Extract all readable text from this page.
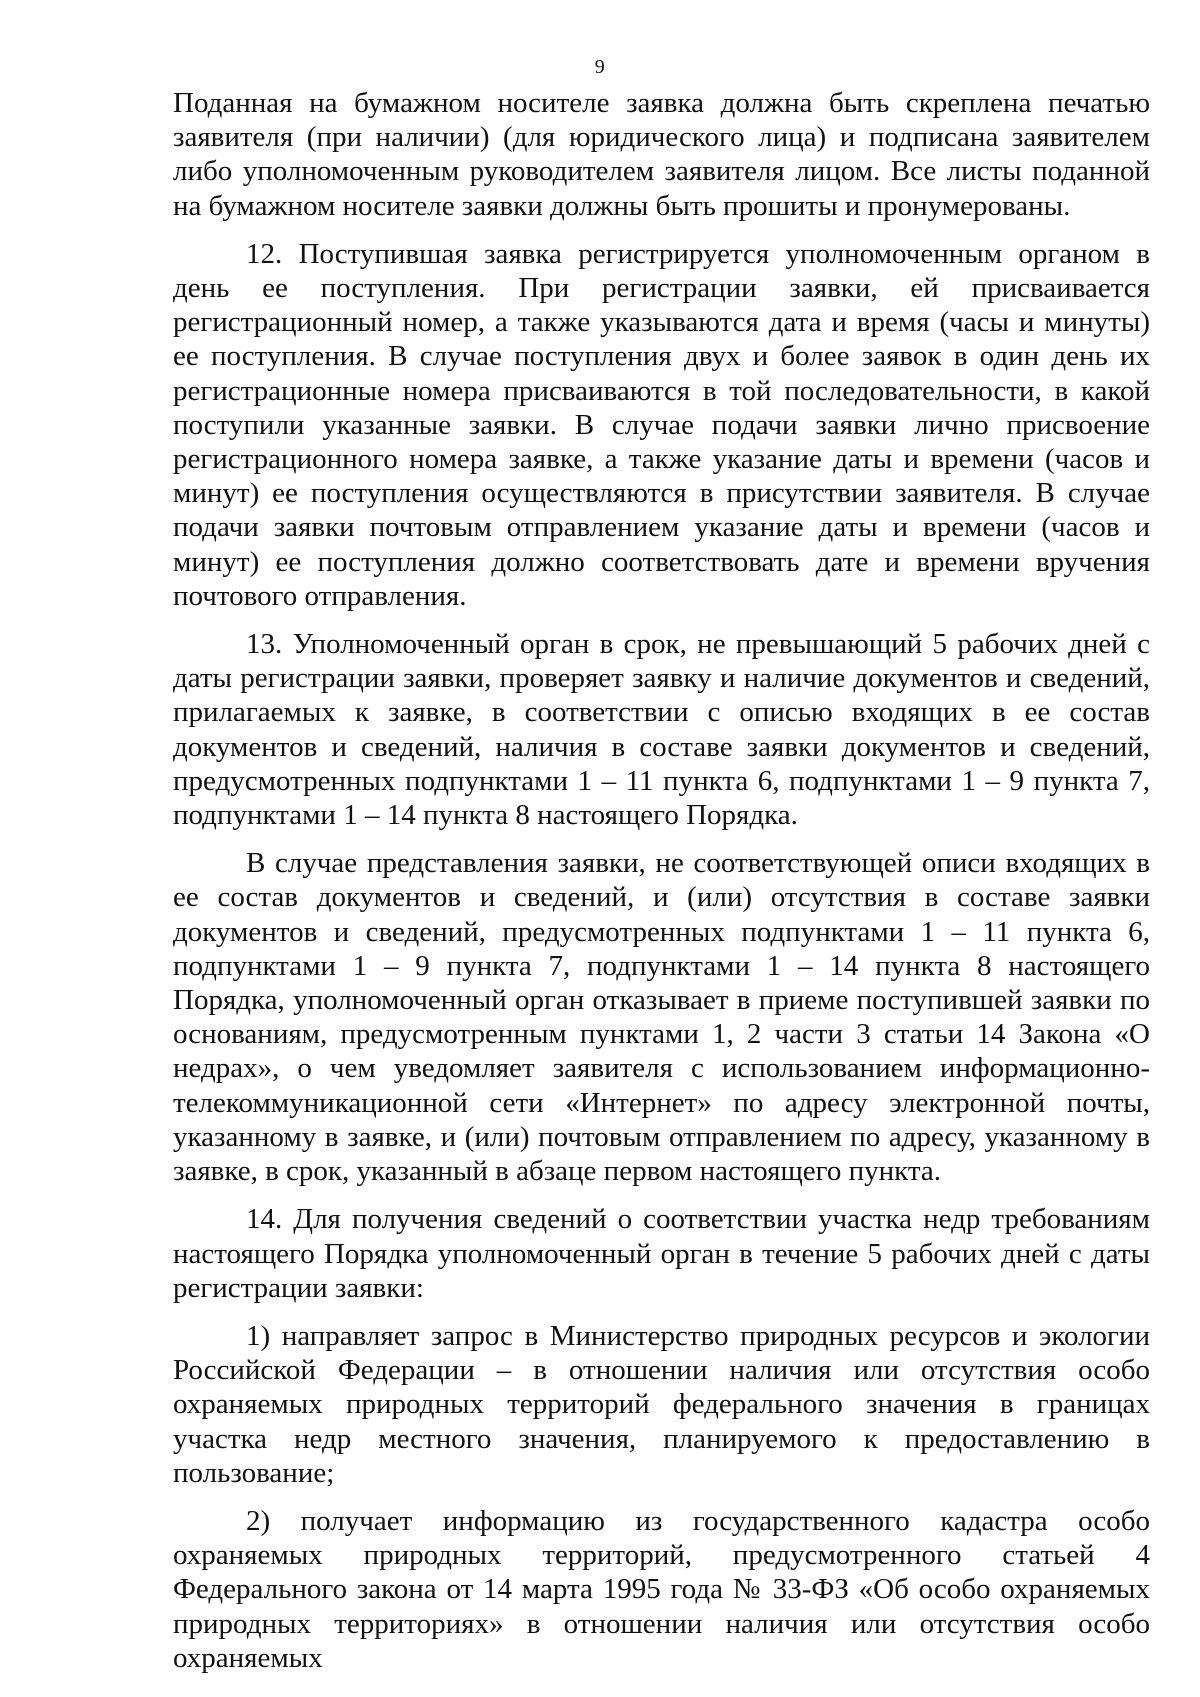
9

Поданная на бумажном носителе заявка должна быть скреплена печатью заявителя (при наличии) (для юридического лица) и подписана заявителем либо уполномоченным руководителем заявителя лицом. Все листы поданной на бумажном носителе заявки должны быть прошиты и пронумерованы.

12. Поступившая заявка регистрируется уполномоченным органом в день ее поступления. При регистрации заявки, ей присваивается регистрационный номер, а также указываются дата и время (часы и минуты) ее поступления. В случае поступления двух и более заявок в один день их регистрационные номера присваиваются в той последовательности, в какой поступили указанные заявки. В случае подачи заявки лично присвоение регистрационного номера заявке, а также указание даты и времени (часов и минут) ее поступления осуществляются в присутствии заявителя. В случае подачи заявки почтовым отправлением указание даты и времени (часов и минут) ее поступления должно соответствовать дате и времени вручения почтового отправления.

13. Уполномоченный орган в срок, не превышающий 5 рабочих дней с даты регистрации заявки, проверяет заявку и наличие документов и сведений, прилагаемых к заявке, в соответствии с описью входящих в ее состав документов и сведений, наличия в составе заявки документов и сведений, предусмотренных подпунктами 1 – 11 пункта 6, подпунктами 1 – 9 пункта 7, подпунктами 1 – 14 пункта 8 настоящего Порядка.

В случае представления заявки, не соответствующей описи входящих в ее состав документов и сведений, и (или) отсутствия в составе заявки документов и сведений, предусмотренных подпунктами 1 – 11 пункта 6, подпунктами 1 – 9 пункта 7, подпунктами 1 – 14 пункта 8 настоящего Порядка, уполномоченный орган отказывает в приеме поступившей заявки по основаниям, предусмотренным пунктами 1, 2 части 3 статьи 14 Закона «О недрах», о чем уведомляет заявителя с использованием информационно-телекоммуникационной сети «Интернет» по адресу электронной почты, указанному в заявке, и (или) почтовым отправлением по адресу, указанному в заявке, в срок, указанный в абзаце первом настоящего пункта.

14. Для получения сведений о соответствии участка недр требованиям настоящего Порядка уполномоченный орган в течение 5 рабочих дней с даты регистрации заявки:

1) направляет запрос в Министерство природных ресурсов и экологии Российской Федерации – в отношении наличия или отсутствия особо охраняемых природных территорий федерального значения в границах участка недр местного значения, планируемого к предоставлению в пользование;

2) получает информацию из государственного кадастра особо охраняемых природных территорий, предусмотренного статьей 4 Федерального закона от 14 марта 1995 года № 33-ФЗ «Об особо охраняемых природных территориях» в отношении наличия или отсутствия особо охраняемых
